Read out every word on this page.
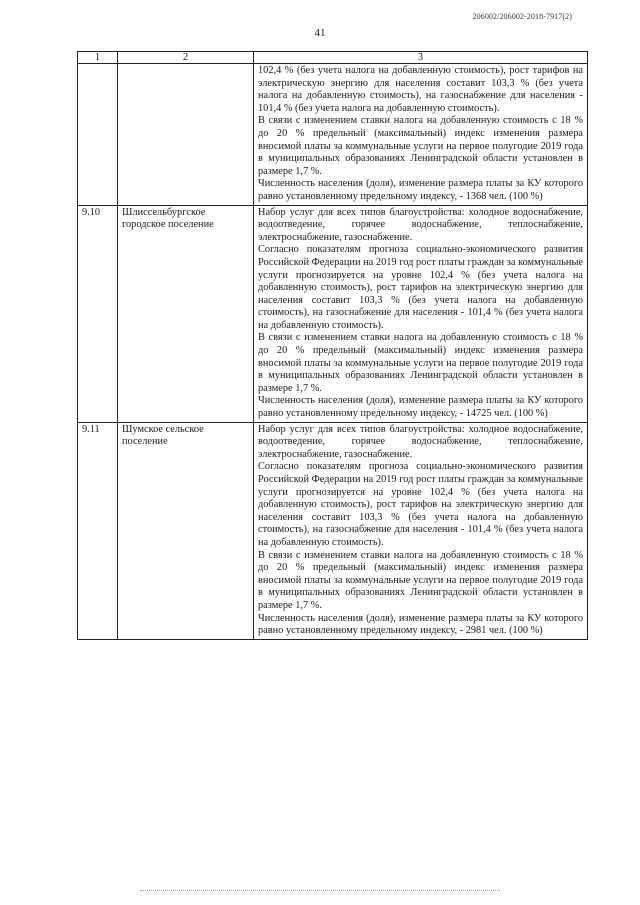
206002/206002-2018-7917(2)
41
1	2	3

		102,4 % (без учета налога на добавленную стоимость), рост тарифов на электрическую энергию для населения составит 103,3 % (без учета налога на добавленную стоимость), на газоснабжение для населения - 101,4 % (без учета налога на добавленную стоимость).

В связи с изменением ставки налога на добавленную стоимость с 18 % до 20 % предельный (максимальный) индекс изменения размера вносимой платы за коммунальные услуги на первое полугодие 2019 года в муниципальных образованиях Ленинградской области установлен в размере 1,7 %.

Численность населения (доля), изменение размера платы за КУ которого равно установленному предельному индексу, - 1368 чел. (100 %)

9.10	Шлиссельбургское городское поселение	Набор услуг для всех типов благоустройства: холодное водоснабжение, водоотведение, горячее водоснабжение, теплоснабжение, электроснабжение, газоснабжение.

Согласно показателям прогноза социально-экономического развития Российской Федерации на 2019 год рост платы граждан за коммунальные услуги прогнозируется на уровне 102,4 % (без учета налога на добавленную стоимость), рост тарифов на электрическую энергию для населения составит 103,3 % (без учета налога на добавленную стоимость), на газоснабжение для населения - 101,4 % (без учета налога на добавленную стоимость).

В связи с изменением ставки налога на добавленную стоимость с 18 % до 20 % предельный (максимальный) индекс изменения размера вносимой платы за коммунальные услуги на первое полугодие 2019 года в муниципальных образованиях Ленинградской области установлен в размере 1,7 %.

Численность населения (доля), изменение размера платы за КУ которого равно установленному предельному индексу, - 14725 чел. (100 %)

9.11	Шумское сельское поселение	Набор услуг для всех типов благоустройства: холодное водоснабжение, водоотведение, горячее водоснабжение, теплоснабжение, электроснабжение, газоснабжение.

Согласно показателям прогноза социально-экономического развития Российской Федерации на 2019 год рост платы граждан за коммунальные услуги прогнозируется на уровне 102,4 % (без учета налога на добавленную стоимость), рост тарифов на электрическую энергию для населения составит 103,3 % (без учета налога на добавленную стоимость), на газоснабжение для населения - 101,4 % (без учета налога на добавленную стоимость).

В связи с изменением ставки налога на добавленную стоимость с 18 % до 20 % предельный (максимальный) индекс изменения размера вносимой платы за коммунальные услуги на первое полугодие 2019 года в муниципальных образованиях Ленинградской области установлен в размере 1,7 %.

Численность населения (доля), изменение размера платы за КУ которого равно установленному предельному индексу, - 2981 чел. (100 %)
